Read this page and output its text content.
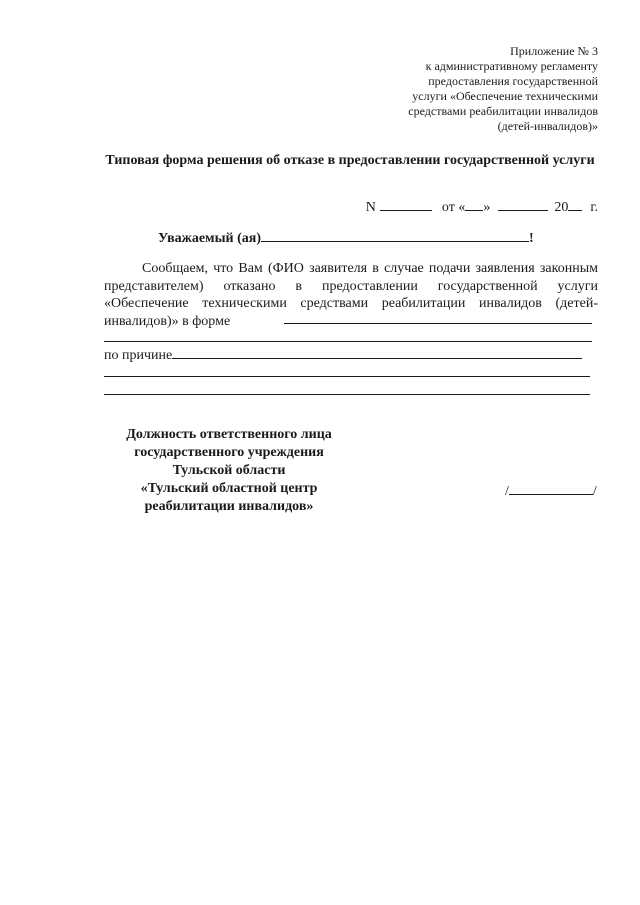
Приложение № 3
к административному регламенту
предоставления государственной
услуги «Обеспечение техническими
средствами реабилитации инвалидов
(детей-инвалидов)»
Типовая форма решения об отказе в предоставлении государственной услуги
N	от « »	20 г.
Уважаемый (ая)	!
Сообщаем, что Вам (ФИО заявителя в случае подачи заявления законным представителем) отказано в предоставлении государственной услуги «Обеспечение техническими средствами реабилитации инвалидов (детей-инвалидов)» в форме
по причине
Должность ответственного лица
государственного учреждения
Тульской области
«Тульский областной центр
реабилитации инвалидов»
/	/
